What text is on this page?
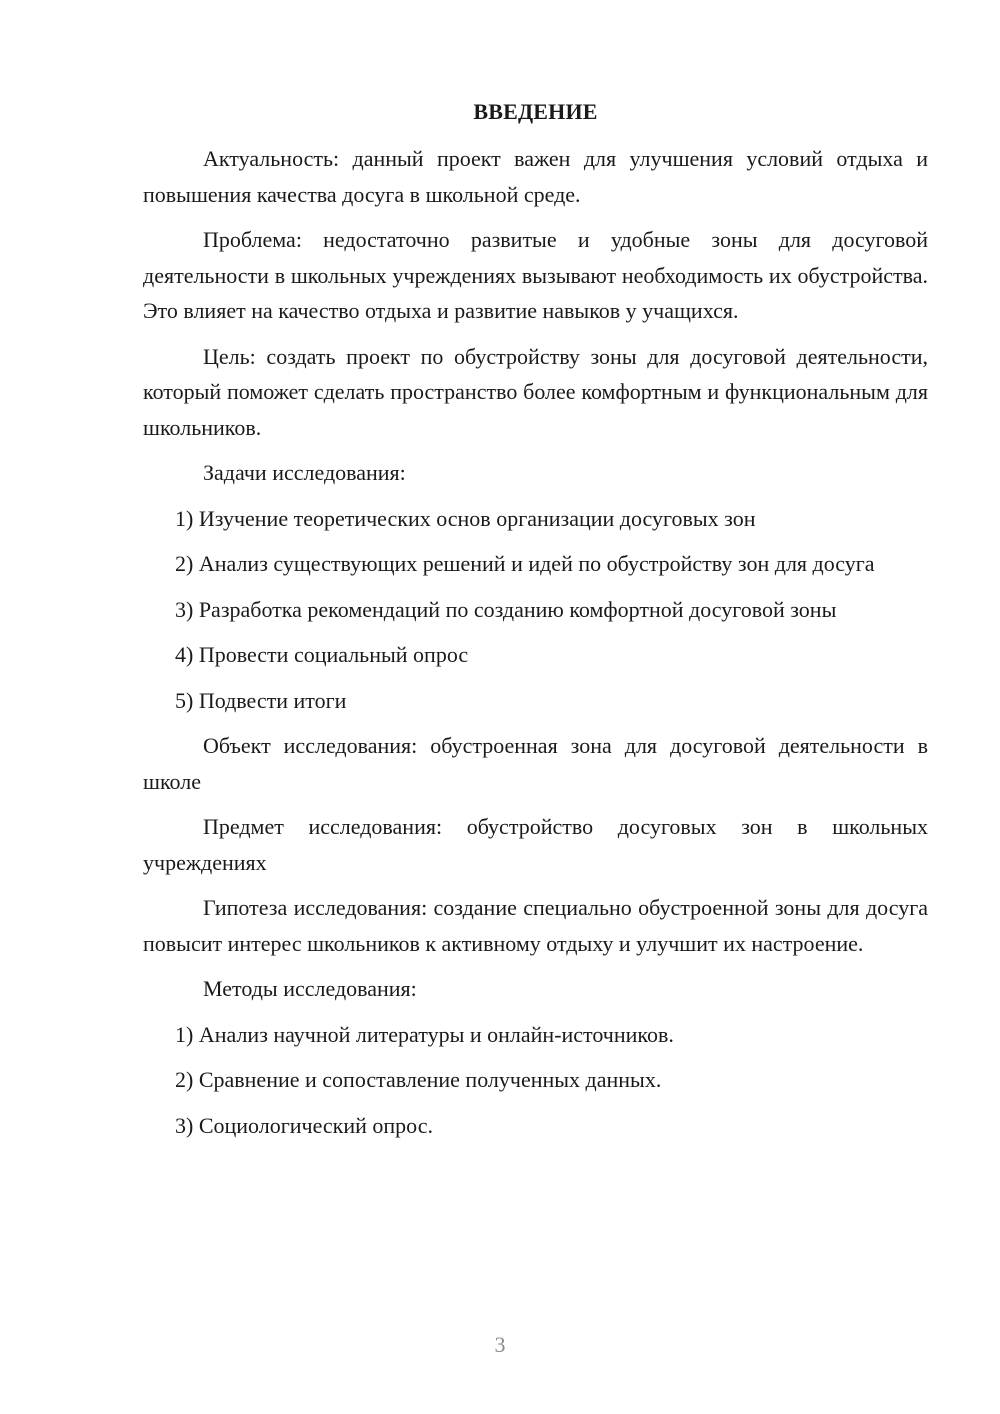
ВВЕДЕНИЕ
Актуальность: данный проект важен для улучшения условий отдыха и повышения качества досуга в школьной среде.
Проблема: недостаточно развитые и удобные зоны для досуговой деятельности в школьных учреждениях вызывают необходимость их обустройства. Это влияет на качество отдыха и развитие навыков у учащихся.
Цель: создать проект по обустройству зоны для досуговой деятельности, который поможет сделать пространство более комфортным и функциональным для школьников.
Задачи исследования:
1) Изучение теоретических основ организации досуговых зон
2) Анализ существующих решений и идей по обустройству зон для досуга
3) Разработка рекомендаций по созданию комфортной досуговой зоны
4) Провести социальный опрос
5) Подвести итоги
Объект исследования: обустроенная зона для досуговой деятельности в школе
Предмет исследования: обустройство досуговых зон в школьных учреждениях
Гипотеза исследования: создание специально обустроенной зоны для досуга повысит интерес школьников к активному отдыху и улучшит их настроение.
Методы исследования:
1) Анализ научной литературы и онлайн-источников.
2) Сравнение и сопоставление полученных данных.
3) Социологический опрос.
3
